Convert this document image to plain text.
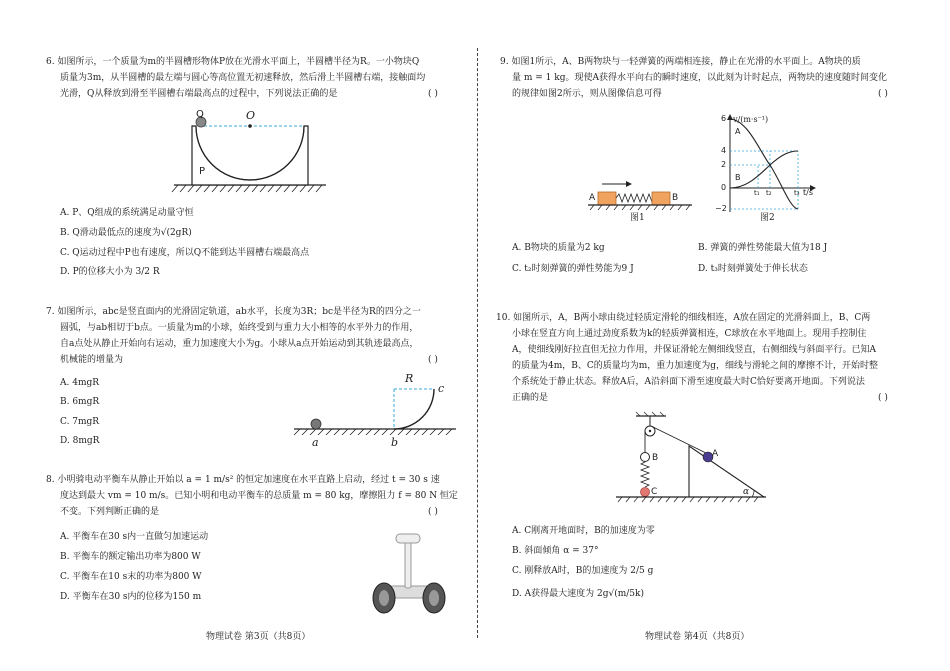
6. 如图所示，一个质量为m的半圆槽形物体P放在光滑水平面上，半圆槽半径为R。一小物块Q
质量为3m，从半圆槽的最左端与圆心等高位置无初速释放，然后滑上半圆槽右端，接触面均
光滑，Q从释放到滑至半圆槽右端最高点的过程中，下列说法正确的是	( )
Q	O
P
A. P、Q组成的系统满足动量守恒
B. Q滑动最低点的速度为√(2gR)
C. Q运动过程中P也有速度，所以Q不能到达半圆槽右端最高点
D. P的位移大小为 3/2 R
7. 如图所示，abc是竖直面内的光滑固定轨道，ab水平，长度为3R；bc是半径为R的四分之一
圆弧，与ab相切于b点。一质量为m的小球，始终受到与重力大小相等的水平外力的作用，
自a点处从静止开始向右运动，重力加速度大小为g。小球从a点开始运动到其轨迹最高点，
机械能的增量为	( )
R
c
a	b
A. 4mgR
B. 6mgR
C. 7mgR
D. 8mgR
8. 小明骑电动平衡车从静止开始以 a = 1 m/s² 的恒定加速度在水平直路上启动，经过 t = 30 s 速
度达到最大 vm = 10 m/s。已知小明和电动平衡车的总质量 m = 80 kg，摩擦阻力 f = 80 N 恒定
不变。下列判断正确的是	( )
A. 平衡车在30 s内一直做匀加速运动
B. 平衡车的额定输出功率为800 W
C. 平衡车在10 s末的功率为800 W
D. 平衡车在30 s内的位移为150 m
物理试卷 第3页（共8页）
9. 如图1所示，A、B两物块与一轻弹簧的两端相连接，静止在光滑的水平面上。A物块的质
量 m = 1 kg。现使A获得水平向右的瞬时速度，以此刻为计时起点，两物块的速度随时间变化
的规律如图2所示，则从图像信息可得	( )
A	B
图1
v/(m·s⁻¹)
t/s
A
B
t₁ t₂	t₃
6
4
2
0
−2
图2
A. B物块的质量为2 kg	B. 弹簧的弹性势能最大值为18 J
C. t₂时刻弹簧的弹性势能为9 J	D. t₃时刻弹簧处于伸长状态
10. 如图所示，A，B两小球由绕过轻质定滑轮的细线相连，A放在固定的光滑斜面上，B、C两
小球在竖直方向上通过劲度系数为k的轻质弹簧相连，C球放在水平地面上。现用手控制住
A，使细线刚好拉直但无拉力作用，并保证滑轮左侧细线竖直，右侧细线与斜面平行。已知A
的质量为4m，B、C的质量均为m，重力加速度为g，细线与滑轮之间的摩擦不计，开始时整
个系统处于静止状态。释放A后，A沿斜面下滑至速度最大时C恰好要离开地面。下列说法
正确的是	( )
B
C
A
α
A. C刚离开地面时，B的加速度为零
B. 斜面倾角 α = 37°
C. 刚释放A时，B的加速度为 2/5 g
D. A获得最大速度为 2g√(m/5k)
物理试卷 第4页（共8页）
